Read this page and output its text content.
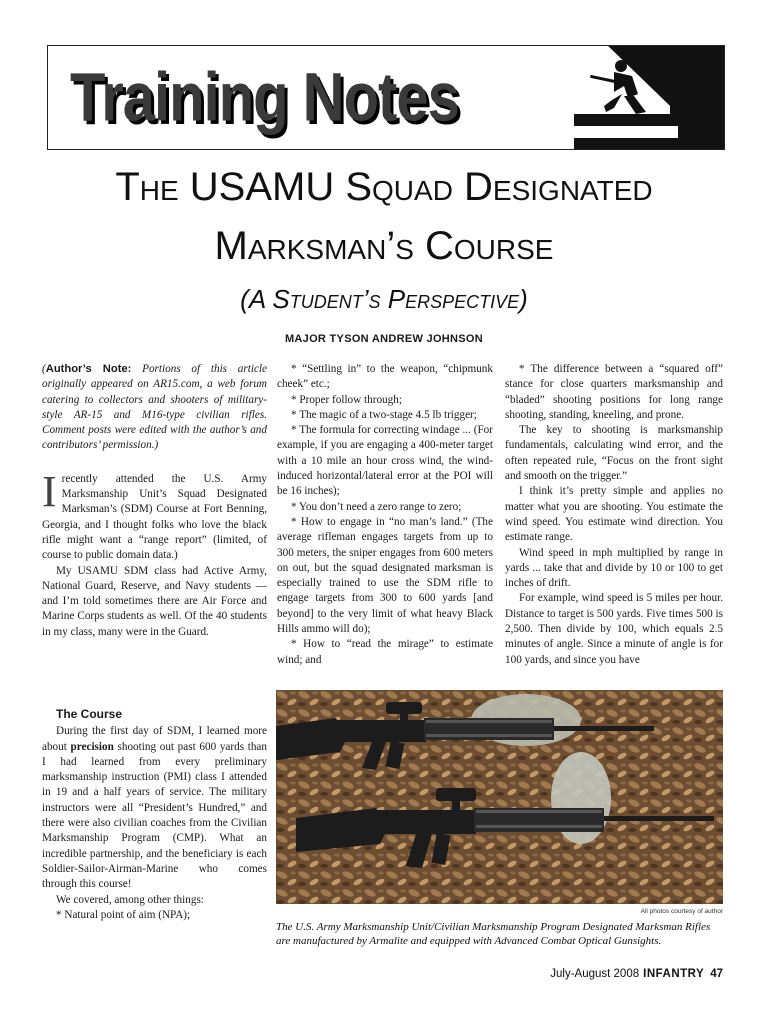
Training Notes
The USAMU Squad Designated
Marksman’s Course
(A Student’s Perspective)
MAJOR TYSON ANDREW JOHNSON

(Author’s Note: Portions of this article originally appeared on AR15.com, a web forum catering to collectors and shooters of military-style AR-15 and M16-type civilian rifles. Comment posts were edited with the author’s and contributors’ permission.)

I recently attended the U.S. Army Marksmanship Unit’s Squad Designated Marksman’s (SDM) Course at Fort Benning, Georgia, and I thought folks who love the black rifle might want a “range report” (limited, of course to public domain data.)

My USAMU SDM class had Active Army, National Guard, Reserve, and Navy students — and I’m told sometimes there are Air Force and Marine Corps students as well. Of the 40 students in my class, many were in the Guard.

The Course

During the first day of SDM, I learned more about precision shooting out past 600 yards than I had learned from every preliminary marksmanship instruction (PMI) class I attended in 19 and a half years of service. The military instructors were all “President’s Hundred,” and there were also civilian coaches from the Civilian Marksmanship Program (CMP). What an incredible partnership, and the beneficiary is each Soldier-Sailor-Airman-Marine who comes through this course!

We covered, among other things:

* Natural point of aim (NPA);

* “Settling in” to the weapon, “chipmunk cheek” etc.;

* Proper follow through;

* The magic of a two-stage 4.5 lb trigger;

* The formula for correcting windage ... (For example, if you are engaging a 400-meter target with a 10 mile an hour cross wind, the wind-induced horizontal/lateral error at the POI will be 16 inches);

* You don’t need a zero range to zero;

* How to engage in “no man’s land.” (The average rifleman engages targets from up to 300 meters, the sniper engages from 600 meters on out, but the squad designated marksman is especially trained to use the SDM rifle to engage targets from 300 to 600 yards [and beyond] to the very limit of what heavy Black Hills ammo will do);

* How to “read the mirage” to estimate wind; and

* The difference between a “squared off” stance for close quarters marksmanship and “bladed” shooting positions for long range shooting, standing, kneeling, and prone.

The key to shooting is marksmanship fundamentals, calculating wind error, and the often repeated rule, “Focus on the front sight and smooth on the trigger.”

I think it’s pretty simple and applies no matter what you are shooting. You estimate the wind speed. You estimate wind direction. You estimate range.

Wind speed in mph multiplied by range in yards ... take that and divide by 10 or 100 to get inches of drift.

For example, wind speed is 5 miles per hour. Distance to target is 500 yards. Five times 500 is 2,500. Then divide by 100, which equals 2.5 minutes of angle. Since a minute of angle is for 100 yards, and since you have

All photos courtesy of author
The U.S. Army Marksmanship Unit/Civilian Marksmanship Program Designated Marksman Rifles are manufactured by Armalite and equipped with Advanced Combat Optical Gunsights.
July-August 2008 INFANTRY 47
